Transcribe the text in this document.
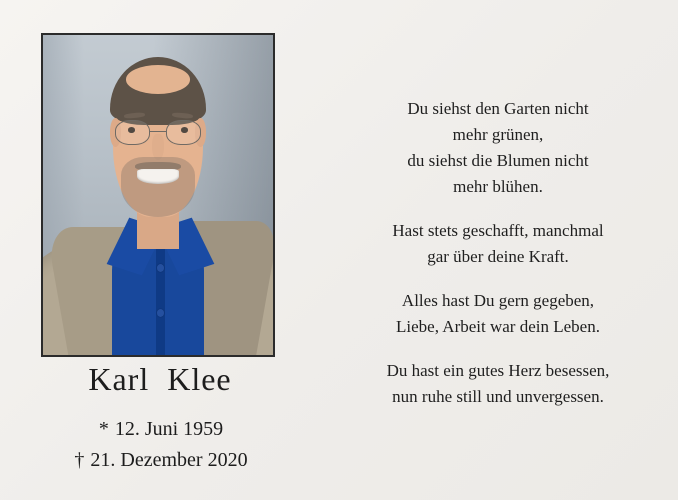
Karl Klee
* 12. Juni 1959
† 21. Dezember 2020
Du siehst den Garten nicht
mehr grünen,
du siehst die Blumen nicht
mehr blühen.
Hast stets geschafft, manchmal
gar über deine Kraft.
Alles hast Du gern gegeben,
Liebe, Arbeit war dein Leben.
Du hast ein gutes Herz besessen,
nun ruhe still und unvergessen.
